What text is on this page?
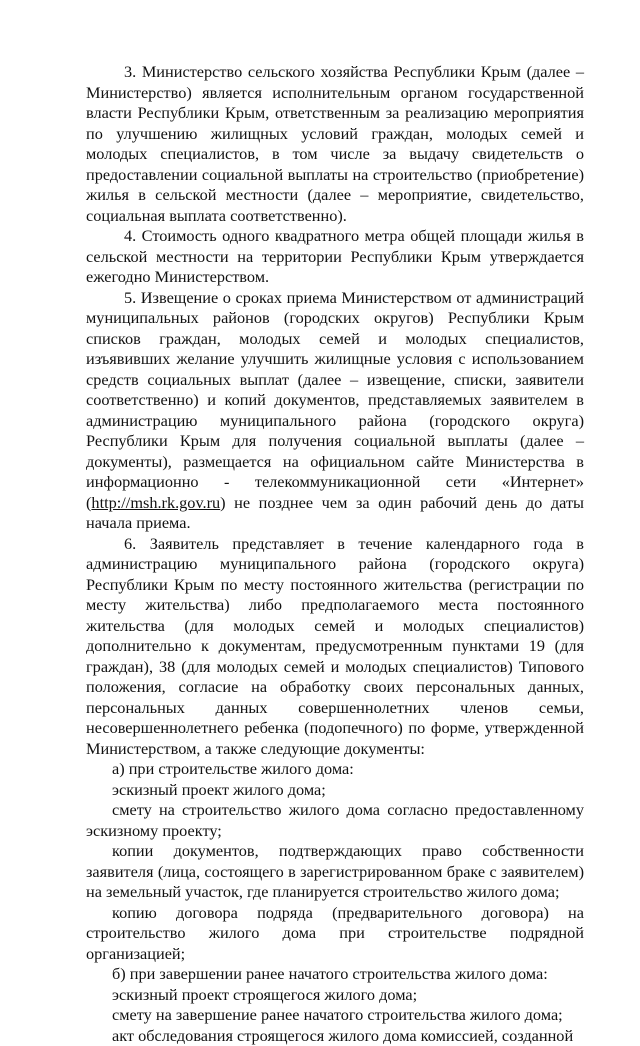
3. Министерство сельского хозяйства Республики Крым (далее – Министерство) является исполнительным органом государственной власти Республики Крым, ответственным за реализацию мероприятия по улучшению жилищных условий граждан, молодых семей и молодых специалистов, в том числе за выдачу свидетельств о предоставлении социальной выплаты на строительство (приобретение) жилья в сельской местности (далее – мероприятие, свидетельство, социальная выплата соответственно).

4. Стоимость одного квадратного метра общей площади жилья в сельской местности на территории Республики Крым утверждается ежегодно Министерством.

5. Извещение о сроках приема Министерством от администраций муниципальных районов (городских округов) Республики Крым списков граждан, молодых семей и молодых специалистов, изъявивших желание улучшить жилищные условия с использованием средств социальных выплат (далее – извещение, списки, заявители соответственно) и копий документов, представляемых заявителем в администрацию муниципального района (городского округа) Республики Крым для получения социальной выплаты (далее – документы), размещается на официальном сайте Министерства в информационно - телекоммуникационной сети «Интернет» (http://msh.rk.gov.ru) не позднее чем за один рабочий день до даты начала приема.

6. Заявитель представляет в течение календарного года в администрацию муниципального района (городского округа) Республики Крым по месту постоянного жительства (регистрации по месту жительства) либо предполагаемого места постоянного жительства (для молодых семей и молодых специалистов) дополнительно к документам, предусмотренным пунктами 19 (для граждан), 38 (для молодых семей и молодых специалистов) Типового положения, согласие на обработку своих персональных данных, персональных данных совершеннолетних членов семьи, несовершеннолетнего ребенка (подопечного) по форме, утвержденной Министерством, а также следующие документы:

а) при строительстве жилого дома:

эскизный проект жилого дома;

смету на строительство жилого дома согласно предоставленному эскизному проекту;

копии документов, подтверждающих право собственности заявителя (лица, состоящего в зарегистрированном браке с заявителем) на земельный участок, где планируется строительство жилого дома;

копию договора подряда (предварительного договора) на строительство жилого дома при строительстве подрядной организацией;

б) при завершении ранее начатого строительства жилого дома:

эскизный проект строящегося жилого дома;

смету на завершение ранее начатого строительства жилого дома;

акт обследования строящегося жилого дома комиссией, созданной
